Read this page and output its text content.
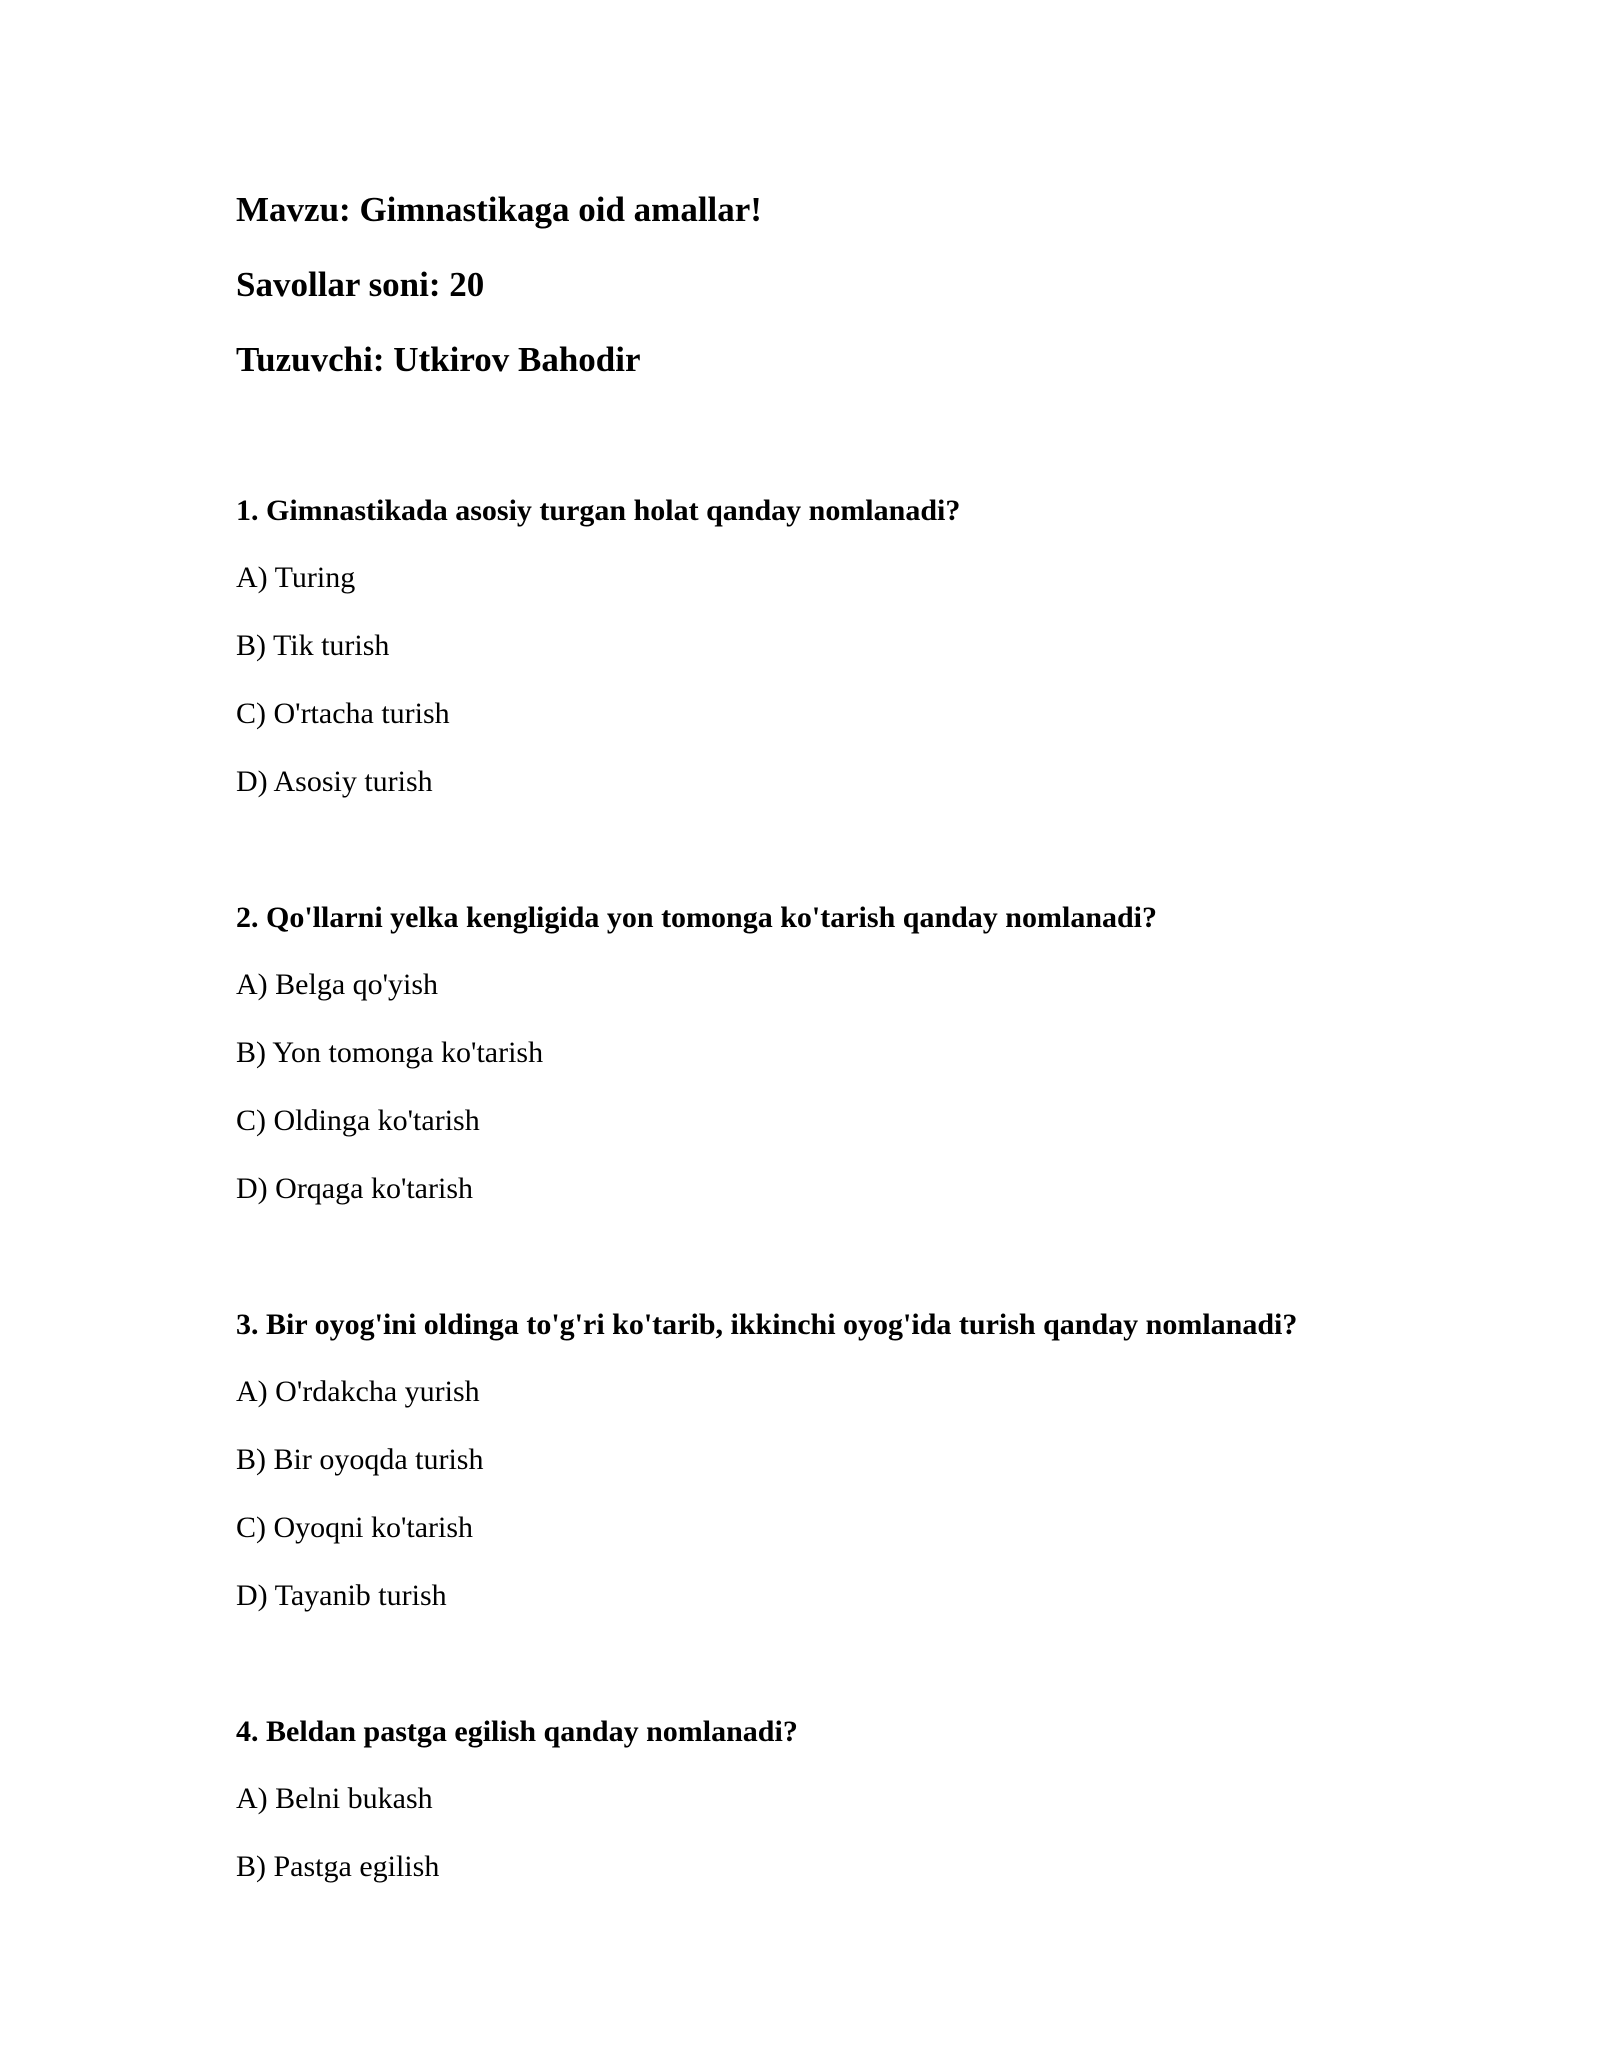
Mavzu: Gimnastikaga oid amallar!
Savollar soni: 20
Tuzuvchi: Utkirov Bahodir
1. Gimnastikada asosiy turgan holat qanday nomlanadi?
A) Turing
B) Tik turish
C) O'rtacha turish
D) Asosiy turish
2. Qo'llarni yelka kengligida yon tomonga ko'tarish qanday nomlanadi?
A) Belga qo'yish
B) Yon tomonga ko'tarish
C) Oldinga ko'tarish
D) Orqaga ko'tarish
3. Bir oyog'ini oldinga to'g'ri ko'tarib, ikkinchi oyog'ida turish qanday nomlanadi?
A) O'rdakcha yurish
B) Bir oyoqda turish
C) Oyoqni ko'tarish
D) Tayanib turish
4. Beldan pastga egilish qanday nomlanadi?
A) Belni bukash
B) Pastga egilish
